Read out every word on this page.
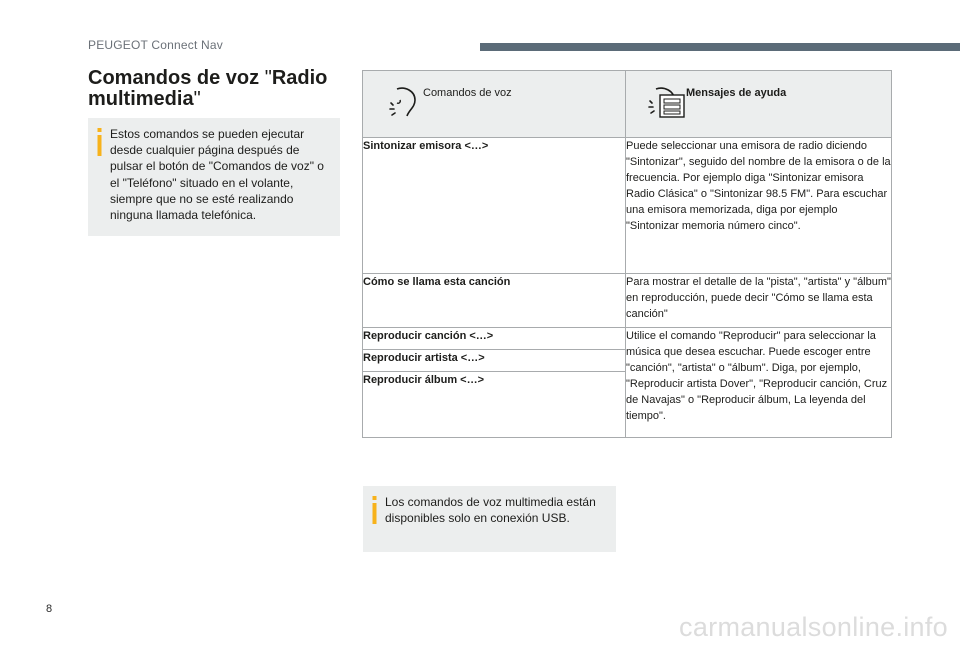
PEUGEOT Connect Nav
Comandos de voz "Radio multimedia"
Estos comandos se pueden ejecutar desde cualquier página después de pulsar el botón de "Comandos de voz" o el "Teléfono" situado en el volante, siempre que no se esté realizando ninguna llamada telefónica.
Comandos de voz	Mensajes de ayuda

Sintonizar emisora <…>	Puede seleccionar una emisora de radio diciendo "Sintonizar", seguido del nombre de la emisora o de la frecuencia. Por ejemplo diga "Sintonizar emisora Radio Clásica" o "Sintonizar 98.5 FM". Para escuchar una emisora memorizada, diga por ejemplo "Sintonizar memoria número cinco".
Cómo se llama esta canción	Para mostrar el detalle de la "pista", "artista" y "álbum" en reproducción, puede decir "Cómo se llama esta canción"
Reproducir canción <…>	Utilice el comando "Reproducir" para seleccionar la música que desea escuchar. Puede escoger entre "canción", "artista" o "álbum". Diga, por ejemplo, "Reproducir artista Dover", "Reproducir canción, Cruz de Navajas" o "Reproducir álbum, La leyenda del tiempo".
Reproducir artista <…>	
Reproducir álbum <…>	
Los comandos de voz multimedia están disponibles solo en conexión USB.
8
carmanualsonline.info
